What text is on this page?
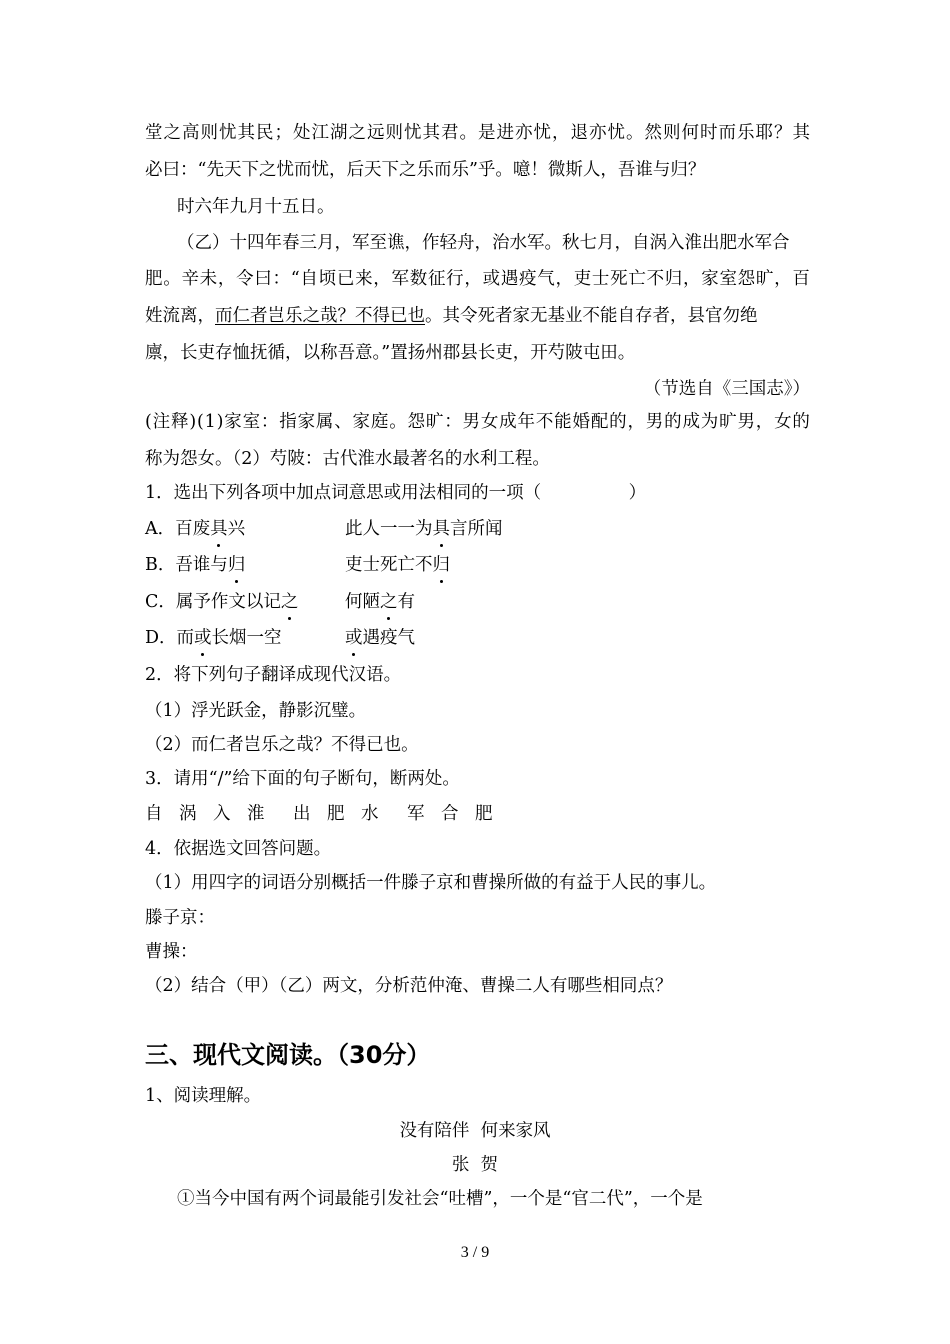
堂 之 高 则 忧 其 民 ； 处 江 湖 之 远 则 忧 其 君 。 是 进 亦 忧 ， 退 亦 忧 。 然 则 何 时 而 乐 耶 ？ 其
必曰：“先天下之忧而忧，后天下之乐而乐”乎。噫！微斯人，吾谁与归？
时六年九月十五日。
（乙）十四年春三月，军至谯，作轻舟，治水军。秋七月，自涡入淮出肥水军合
肥 。 辛 未 ， 令 曰 ： “ 自 顷 已 来 ， 军 数 征 行 ， 或 遇 疫 气 ， 吏 士 死 亡 不 归 ， 家 室 怨 旷 ， 百
姓流离，而仁者岂乐之哉？不得已也。其令死者家无基业不能自存者，县官勿绝
廪，长吏存恤抚循，以称吾意。”置扬州郡县长吏，开芍陂屯田。
（节选自《三国志》）
( 注 释 ) ( 1 ) 家 室 ： 指 家 属 、 家 庭 。 怨 旷 ： 男 女 成 年 不 能 婚 配 的 ， 男 的 成 为 旷 男 ， 女 的
称为怨女。（2）芍陂：古代淮水最著名的水利工程。
1．选出下列各项中加点词意思或用法相同的一项（　　　　　）
A．百废具兴	此人一一为具言所闻
B．吾谁与归	吏士死亡不归
C．属予作文以记之	何陋之有
D．而或长烟一空	或遇疫气
2．将下列句子翻译成现代汉语。
（1）浮光跃金，静影沉璧。
（2）而仁者岂乐之哉？不得已也。
3．请用“/”给下面的句子断句，断两处。
自 涡 入 淮 出 肥 水 军 合 肥
4．依据选文回答问题。
（1）用四字的词语分别概括一件滕子京和曹操所做的有益于人民的事儿。
滕子京：
曹操：
（2）结合（甲）（乙）两文，分析范仲淹、曹操二人有哪些相同点？
三、现代文阅读。（30分）
1、阅读理解。
没有陪伴  何来家风
张  贺
①当今中国有两个词最能引发社会“吐槽”，一个是“官二代”，一个是
3 / 9
